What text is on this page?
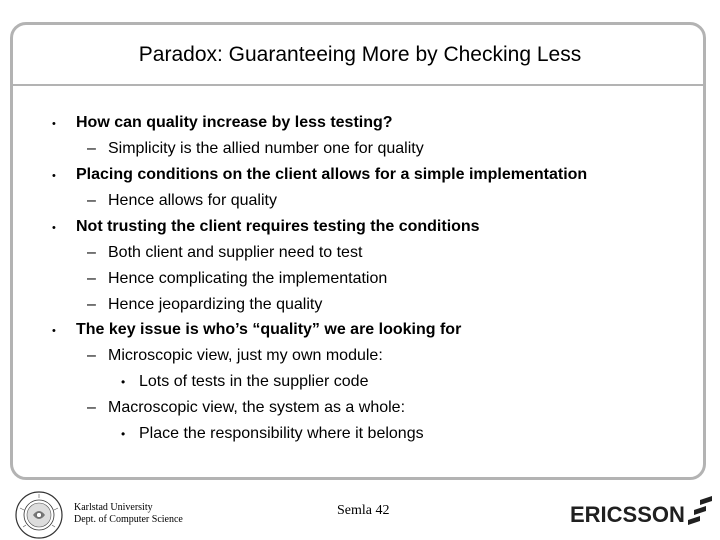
Paradox: Guaranteeing More by Checking Less
• How can quality increase by less testing?
– Simplicity is the allied number one for quality
• Placing conditions on the client allows for a simple implementation
– Hence allows for quality
• Not trusting the client requires testing the conditions
– Both client and supplier need to test
– Hence complicating the implementation
– Hence jeopardizing the quality
• The key issue is who’s “quality” we are looking for
– Microscopic view, just my own module:
• Lots of tests in the supplier code
– Macroscopic view, the system as a whole:
• Place the responsibility where it belongs
Karlstad University
Dept. of Computer Science
Semla 42	ERICSSON
